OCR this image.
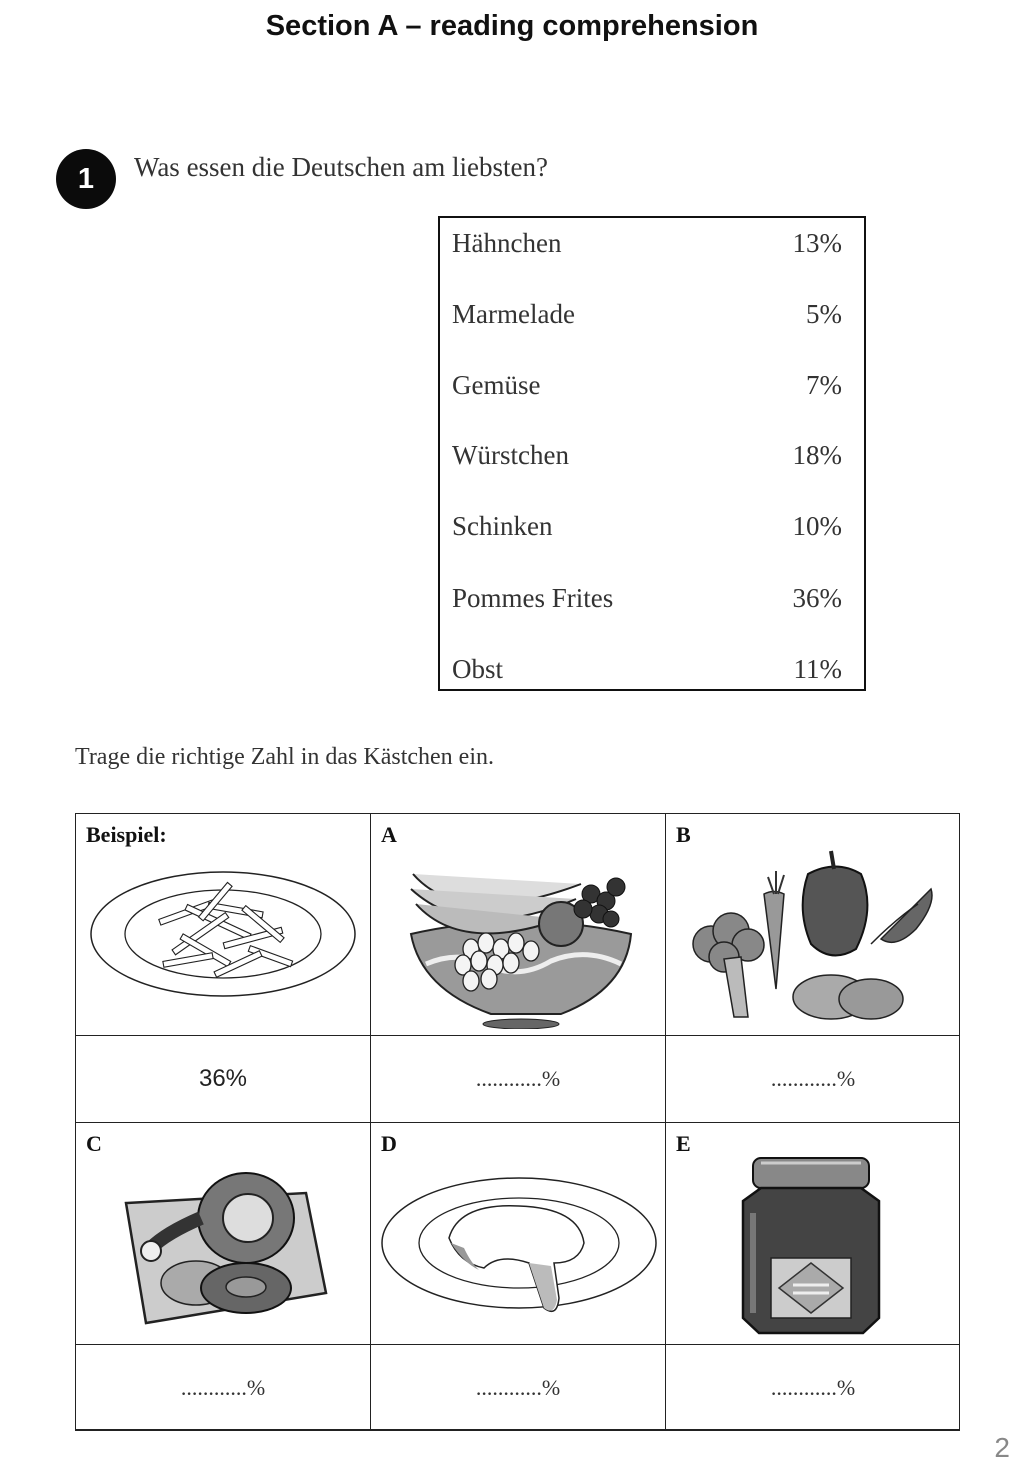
Section A – reading comprehension
1	Was essen die Deutschen am liebsten?
Hähnchen	13%
Marmelade	5%
Gemüse	7%
Würstchen	18%
Schinken	10%
Pommes Frites	36%
Obst	11%
Trage die richtige Zahl in das Kästchen ein.
Beispiel:	A	B
36%	............%	............%
C	D	E
............%	............%	............%
2
